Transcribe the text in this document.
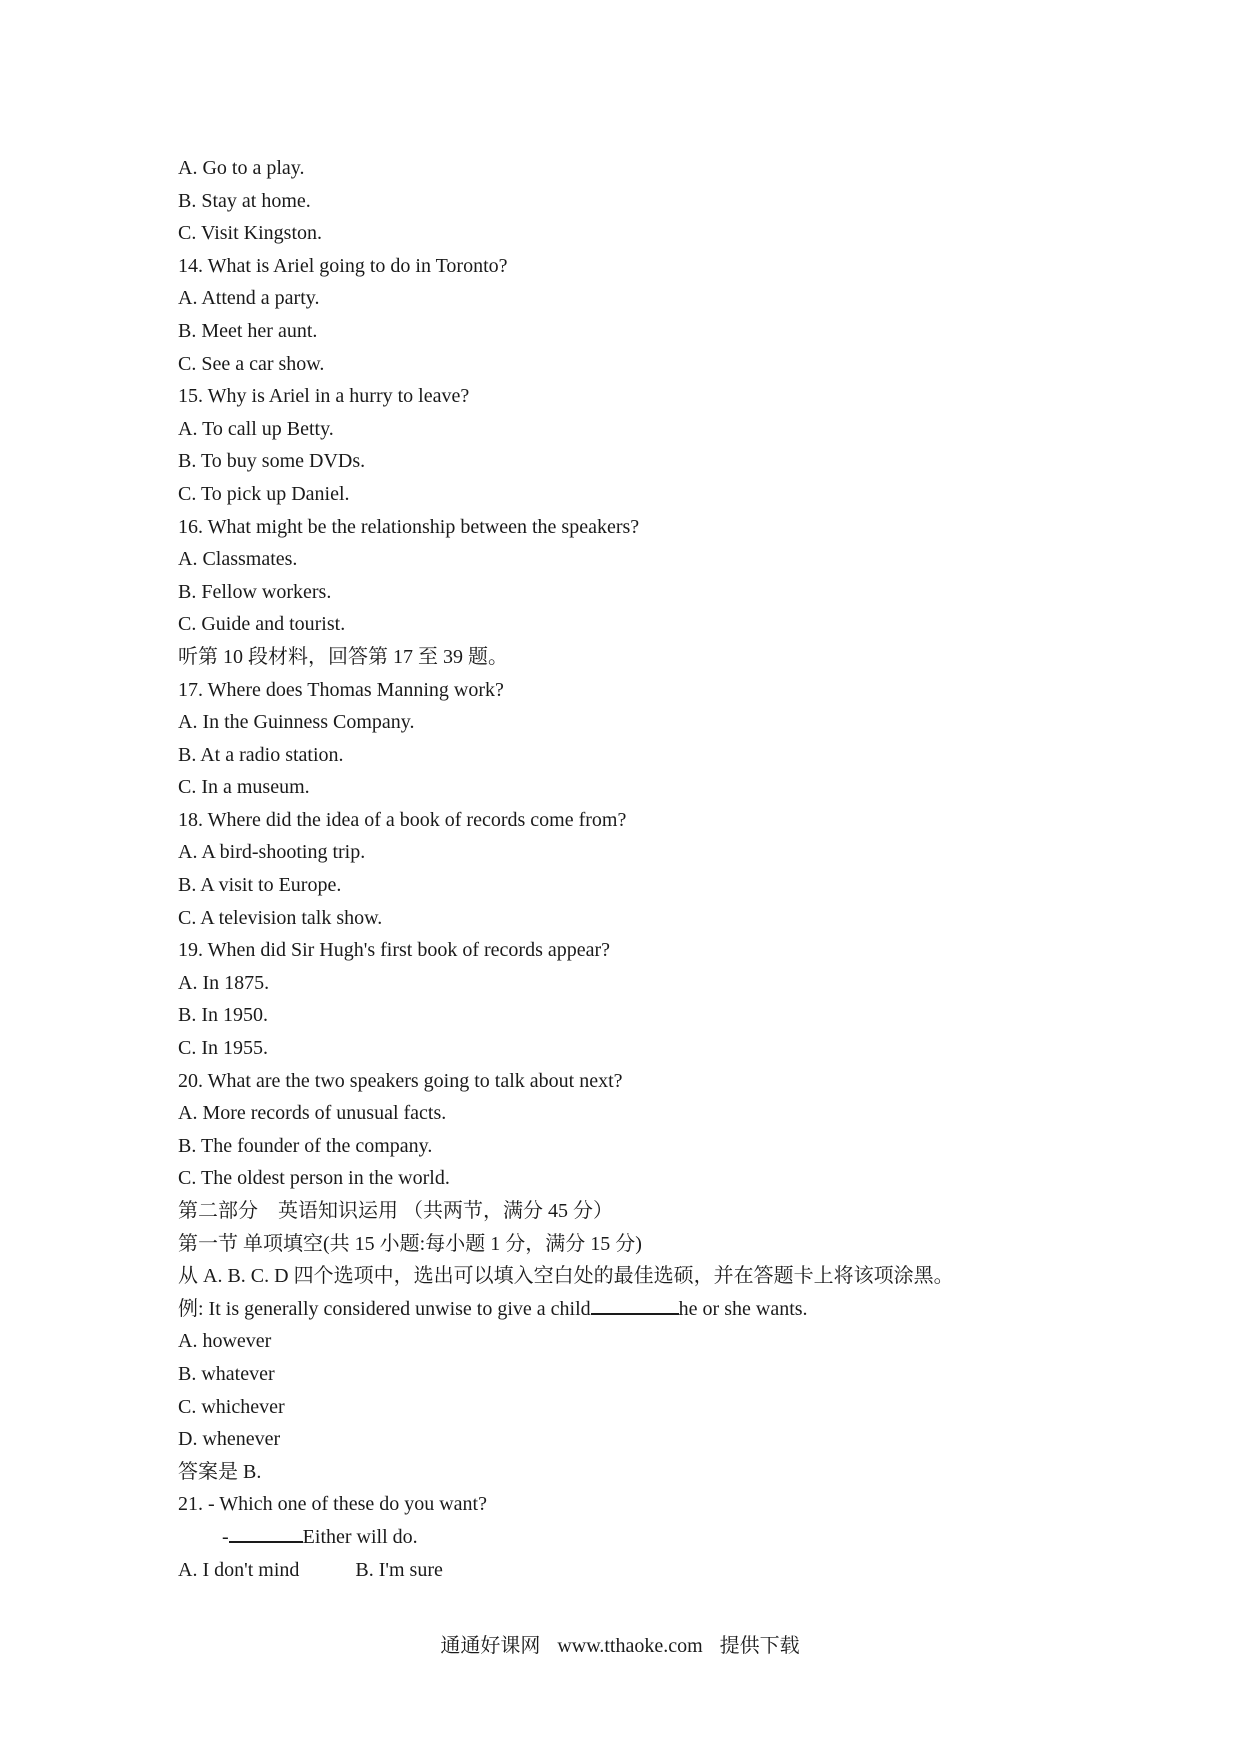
A. Go to a play.
B. Stay at home.
C. Visit Kingston.
14. What is Ariel going to do in Toronto?
A. Attend a party.
B. Meet her aunt.
C. See a car show.
15. Why is Ariel in a hurry to leave?
A. To call up Betty.
B. To buy some DVDs.
C. To pick up Daniel.
16. What might be the relationship between the speakers?
A. Classmates.
B. Fellow workers.
C. Guide and tourist.
听第 10 段材料，回答第 17 至 39 题。
17. Where does Thomas Manning work?
A. In the Guinness Company.
B. At a radio station.
C. In a museum.
18. Where did the idea of a book of records come from?
A. A bird-shooting trip.
B. A visit to Europe.
C. A television talk show.
19. When did Sir Hugh's first book of records appear?
A. In 1875.
B. In 1950.
C. In 1955.
20. What are the two speakers going to talk about next?
A. More records of unusual facts.
B. The founder of the company.
C. The oldest person in the world.
第二部分　英语知识运用 （共两节，满分 45 分）
第一节 单项填空(共 15 小题:每小题 1 分，满分 15 分)
从 A. B. C. D 四个选项中，选出可以填入空白处的最佳选硕，并在答题卡上将该项涂黑。
例: It is generally considered unwise to give a child	he or she wants.
A. however
B. whatever
C. whichever
D. whenever
答案是 B.
21. - Which one of these do you want?
-	Either will do.
A. I don't mind	B. I'm sure
通通好课网 www.tthaoke.com 提供下载
